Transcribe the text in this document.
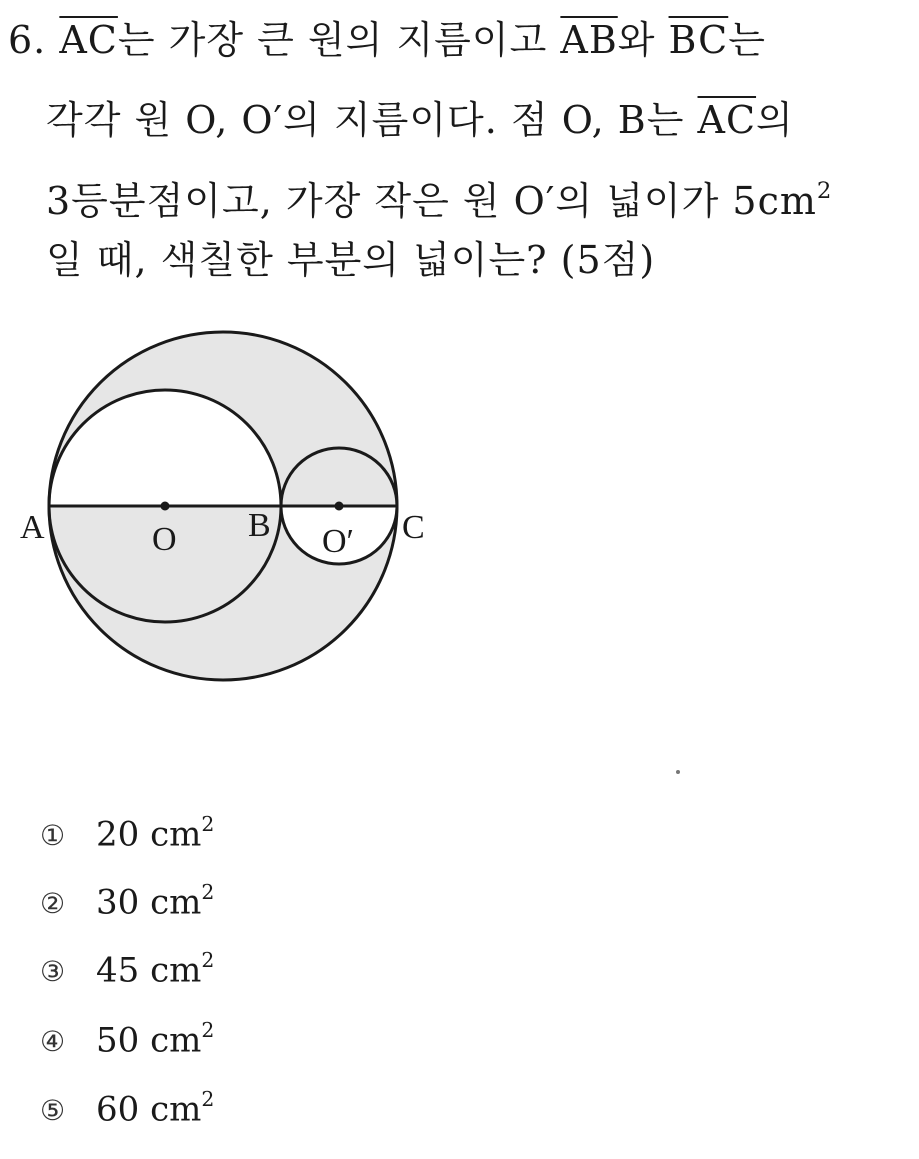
6. $\overline{AC}$는 가장 큰 원의 지름이고 $\overline{AB}$와 $\overline{BC}$는
각각 원 O, O′의 지름이다. 점 O, B는 $\overline{AC}$의
3등분점이고, 가장 작은 원 O′의 넓이가 $5cm^2$
일 때, 색칠한 부분의 넓이는? (5점)
A	O B O′ C
① 20 $cm^2$
② 30 $cm^2$
③ 45 $cm^2$
④ 50 $cm^2$
⑤ 60 $cm^2$
